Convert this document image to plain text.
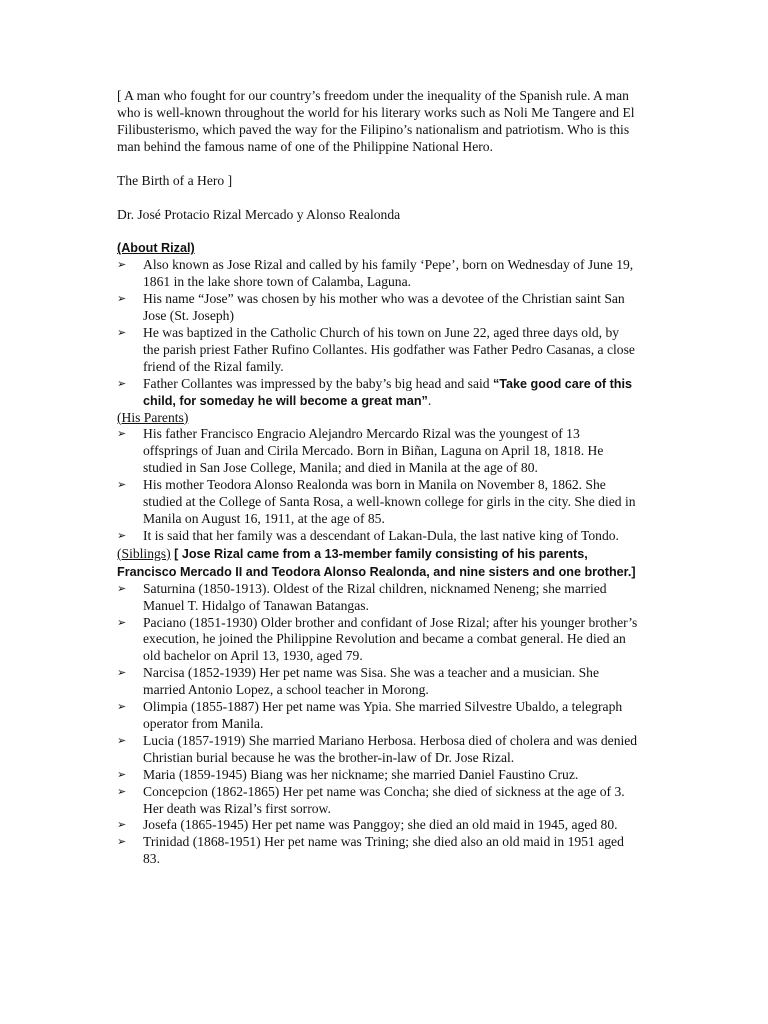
[ A man who fought for our country’s freedom under the inequality of the Spanish rule. A man who is well-known throughout the world for his literary works such as Noli Me Tangere and El Filibusterismo, which paved the way for the Filipino’s nationalism and patriotism. Who is this man behind the famous name of one of the Philippine National Hero.

The Birth of a Hero ]

Dr. José Protacio Rizal Mercado y Alonso Realonda

(About Rizal)
➢ Also known as Jose Rizal and called by his family ‘Pepe’, born on Wednesday of June 19, 1861 in the lake shore town of Calamba, Laguna.
➢ His name “Jose” was chosen by his mother who was a devotee of the Christian saint San Jose (St. Joseph)
➢ He was baptized in the Catholic Church of his town on June 22, aged three days old, by the parish priest Father Rufino Collantes. His godfather was Father Pedro Casanas, a close friend of the Rizal family.
➢ Father Collantes was impressed by the baby’s big head and said “Take good care of this child, for someday he will become a great man”.
(His Parents)
➢ His father Francisco Engracio Alejandro Mercardo Rizal was the youngest of 13 offsprings of Juan and Cirila Mercado. Born in Biñan, Laguna on April 18, 1818. He studied in San Jose College, Manila; and died in Manila at the age of 80.
➢ His mother Teodora Alonso Realonda was born in Manila on November 8, 1862. She studied at the College of Santa Rosa, a well-known college for girls in the city. She died in Manila on August 16, 1911, at the age of 85.
➢ It is said that her family was a descendant of Lakan-Dula, the last native king of Tondo.
(Siblings) [ Jose Rizal came from a 13-member family consisting of his parents, Francisco Mercado II and Teodora Alonso Realonda, and nine sisters and one brother.]
➢ Saturnina (1850-1913). Oldest of the Rizal children, nicknamed Neneng; she married Manuel T. Hidalgo of Tanawan Batangas.
➢ Paciano (1851-1930) Older brother and confidant of Jose Rizal; after his younger brother’s execution, he joined the Philippine Revolution and became a combat general. He died an old bachelor on April 13, 1930, aged 79.
➢ Narcisa (1852-1939) Her pet name was Sisa. She was a teacher and a musician. She married Antonio Lopez, a school teacher in Morong.
➢ Olimpia (1855-1887) Her pet name was Ypia. She married Silvestre Ubaldo, a telegraph operator from Manila.
➢ Lucia (1857-1919) She married Mariano Herbosa. Herbosa died of cholera and was denied Christian burial because he was the brother-in-law of Dr. Jose Rizal.
➢ Maria (1859-1945) Biang was her nickname; she married Daniel Faustino Cruz.
➢ Concepcion (1862-1865) Her pet name was Concha; she died of sickness at the age of 3. Her death was Rizal’s first sorrow.
➢ Josefa (1865-1945) Her pet name was Panggoy; she died an old maid in 1945, aged 80.
➢ Trinidad (1868-1951) Her pet name was Trining; she died also an old maid in 1951 aged 83.
